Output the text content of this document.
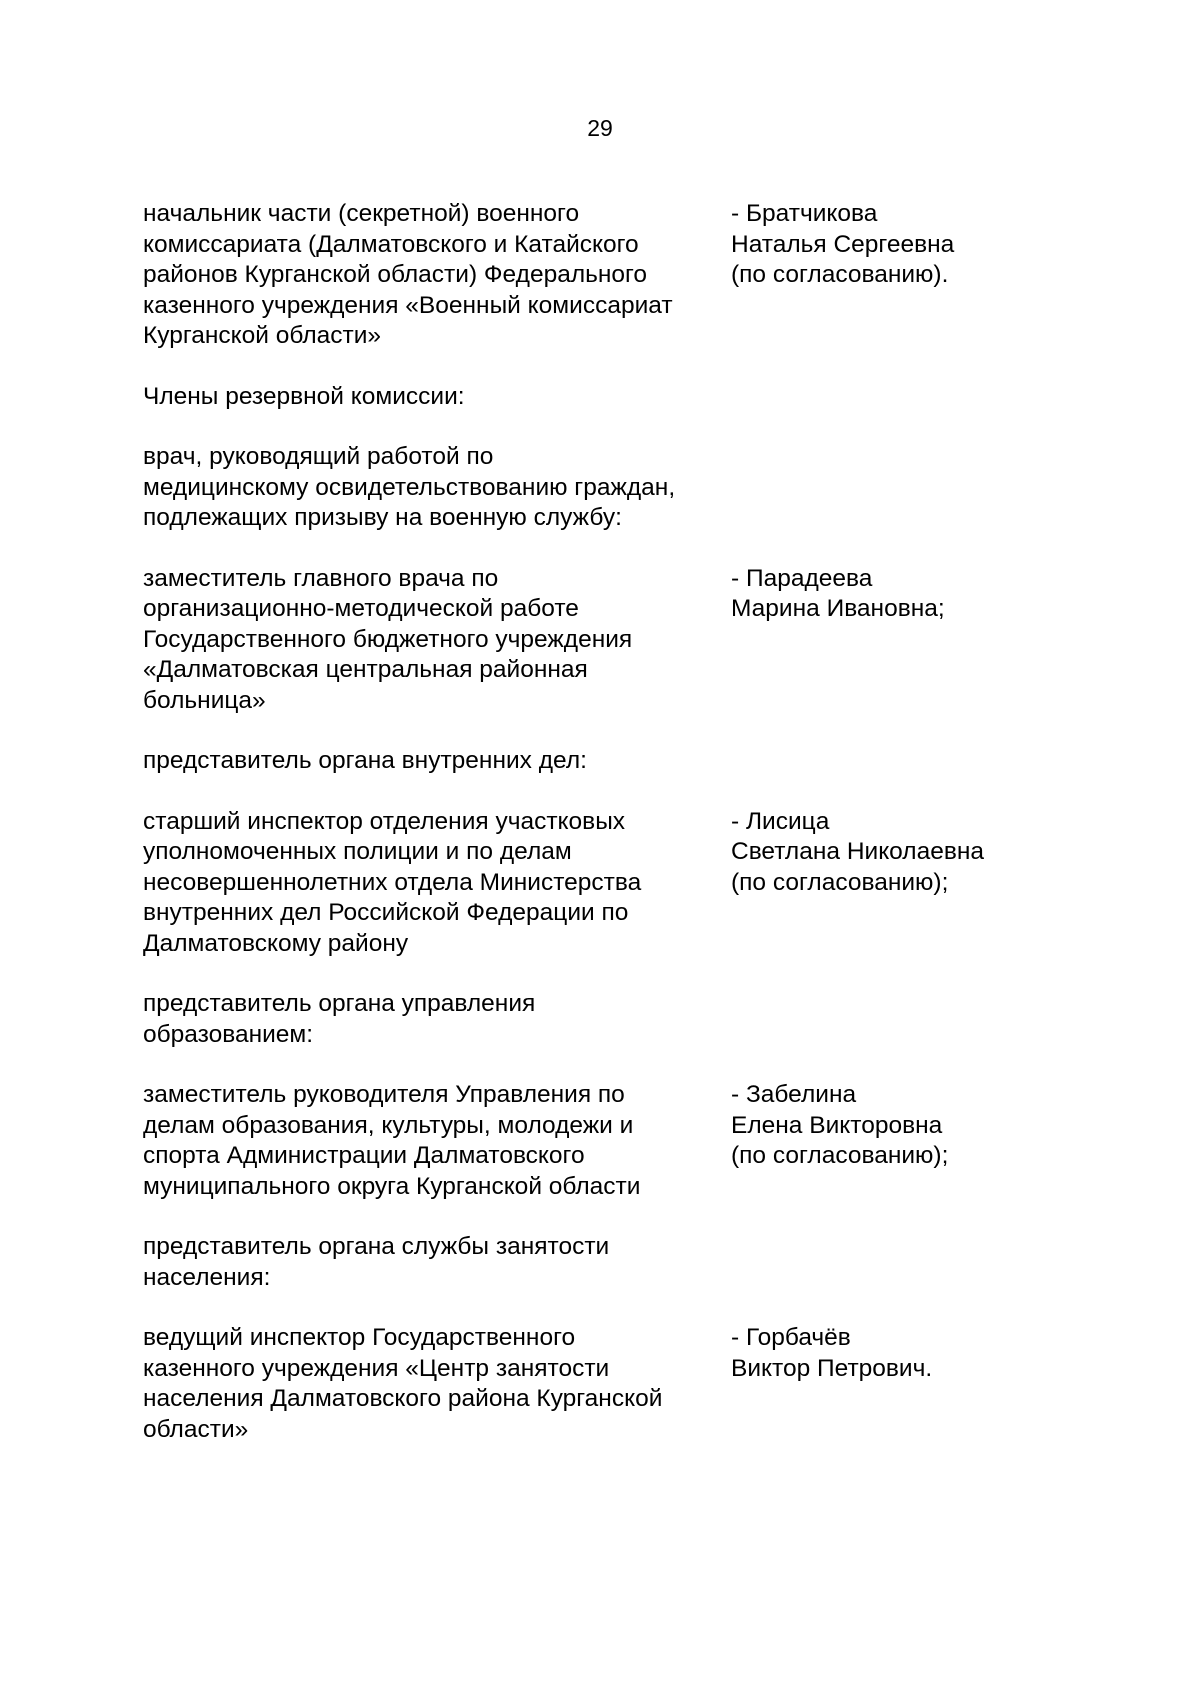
29
начальник части (секретной) военного
комиссариата (Далматовского и Катайского
районов Курганской области) Федерального
казенного учреждения «Военный комиссариат
Курганской области»
- Братчикова
Наталья Сергеевна
(по согласованию).
Члены резервной комиссии:
врач, руководящий работой по
медицинскому освидетельствованию граждан,
подлежащих призыву на военную службу:
заместитель главного врача по
организационно-методической работе
Государственного бюджетного учреждения
«Далматовская центральная районная
больница»
- Парадеева
Марина Ивановна;
представитель органа внутренних дел:
старший инспектор отделения участковых
уполномоченных полиции и по делам
несовершеннолетних отдела Министерства
внутренних дел Российской Федерации по
Далматовскому району
- Лисица
Светлана Николаевна
(по согласованию);
представитель органа управления
образованием:
заместитель руководителя Управления по
делам образования, культуры, молодежи и
спорта Администрации Далматовского
муниципального округа Курганской области
- Забелина
Елена Викторовна
(по согласованию);
представитель органа службы занятости
населения:
ведущий инспектор Государственного
казенного учреждения «Центр занятости
населения Далматовского района Курганской
области»
- Горбачёв
Виктор Петрович.
